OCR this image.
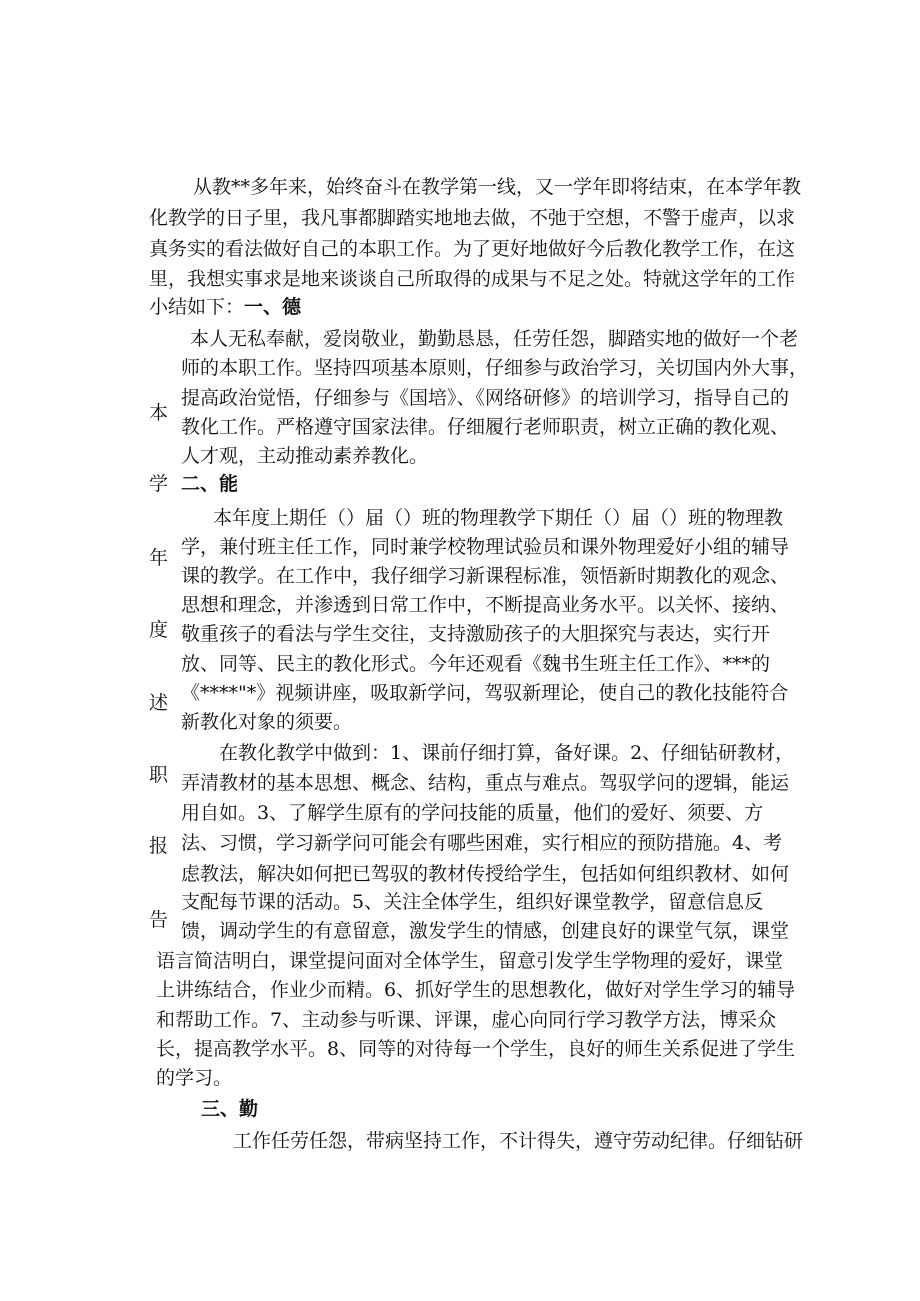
从教**多年来，始终奋斗在教学第一线，又一学年即将结束，在本学年教
化教学的日子里，我凡事都脚踏实地地去做，不弛于空想，不警于虚声，以求
真务实的看法做好自己的本职工作。为了更好地做好今后教化教学工作，在这
里，我想实事求是地来谈谈自己所取得的成果与不足之处。特就这学年的工作
小结如下：一、德
本
学
年
度
述
职
报
告
本人无私奉献，爱岗敬业，勤勤恳恳，任劳任怨，脚踏实地的做好一个老
师的本职工作。坚持四项基本原则，仔细参与政治学习，关切国内外大事，
提高政治觉悟，仔细参与《国培》、《网络研修》的培训学习，指导自己的
教化工作。严格遵守国家法律。仔细履行老师职责，树立正确的教化观、
人才观，主动推动素养教化。
二、能
本年度上期任（）届（）班的物理教学下期任（）届（）班的物理教
学，兼付班主任工作，同时兼学校物理试验员和课外物理爱好小组的辅导
课的教学。在工作中，我仔细学习新课程标准，领悟新时期教化的观念、
思想和理念，并渗透到日常工作中，不断提高业务水平。以关怀、接纳、
敬重孩子的看法与学生交往，支持激励孩子的大胆探究与表达，实行开
放、同等、民主的教化形式。今年还观看《魏书生班主任工作》、***的
《****"*》视频讲座，吸取新学问，驾驭新理论，使自己的教化技能符合
新教化对象的须要。
在教化教学中做到：1、课前仔细打算，备好课。2、仔细钻研教材，
弄清教材的基本思想、概念、结构，重点与难点。驾驭学问的逻辑，能运
用自如。3、了解学生原有的学问技能的质量，他们的爱好、须要、方
法、习惯，学习新学问可能会有哪些困难，实行相应的预防措施。4、考
虑教法，解决如何把已驾驭的教材传授给学生，包括如何组织教材、如何
支配每节课的活动。5、关注全体学生，组织好课堂教学，留意信息反
馈，调动学生的有意留意，激发学生的情感，创建良好的课堂气氛，课堂
语言简洁明白，课堂提问面对全体学生，留意引发学生学物理的爱好，课堂
上讲练结合，作业少而精。6、抓好学生的思想教化，做好对学生学习的辅导
和帮助工作。7、主动参与听课、评课，虚心向同行学习教学方法，博采众
长，提高教学水平。8、同等的对待每一个学生，良好的师生关系促进了学生
的学习。
三、勤
工作任劳任怨，带病坚持工作，不计得失，遵守劳动纪律。仔细钻研
